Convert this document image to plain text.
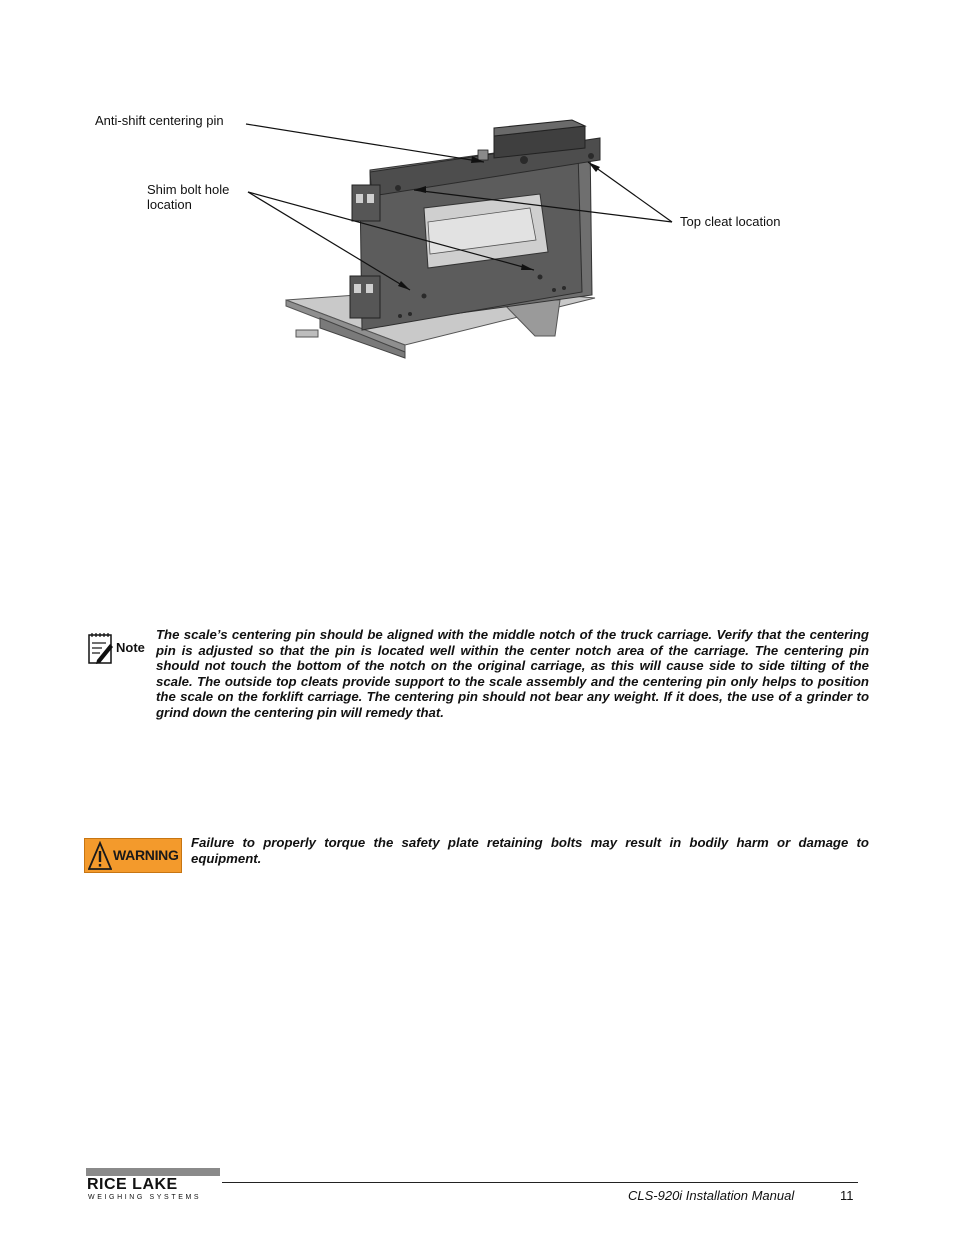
Anti-shift centering pin
Shim bolt hole
location
Top cleat location
Note
The scale’s centering pin should be aligned with the middle notch of the truck carriage. Verify that the centering pin is adjusted so that the pin is located well within the center notch area of the carriage. The centering pin should not touch the bottom of the notch on the original carriage, as this will cause side to side tilting of the scale. The outside top cleats provide support to the scale assembly and the centering pin only helps to position the scale on the forklift carriage. The centering pin should not bear any weight. If it does, the use of a grinder to grind down the centering pin will remedy that.
WARNING
Failure to properly torque the safety plate retaining bolts may result in bodily harm or damage to equipment.
RICE LAKE
WEIGHING SYSTEMS	CLS-920i Installation Manual	11
